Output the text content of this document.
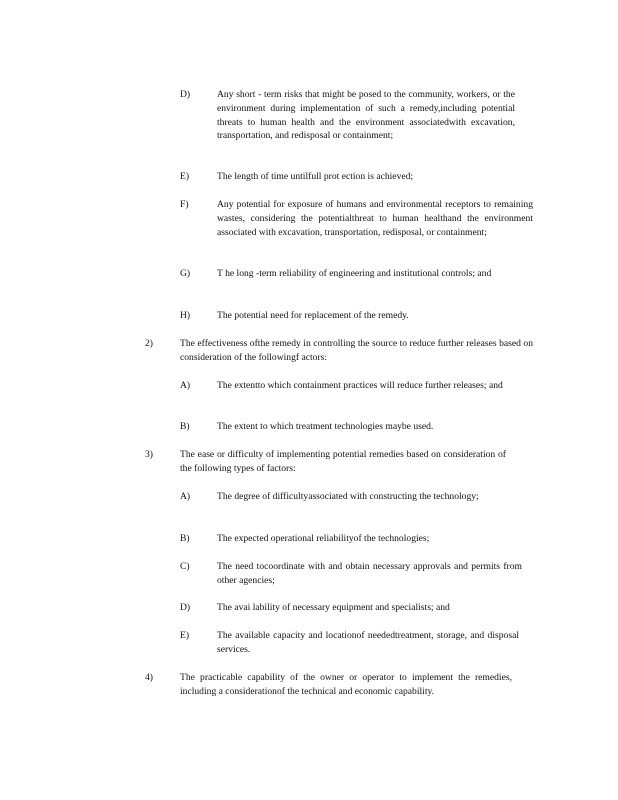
D)	Any short - term risks that might be posed to the community, workers, or the environment during implementation of such a remedy,including potential threats to human health and the environment associatedwith excavation, transportation, and redisposal or containment;
E)	The length of time untilfull prot ection is achieved;
F)	Any potential for exposure of humans and environmental receptors to remaining wastes, considering the potentialthreat to human healthand the environment associated with excavation, transportation, redisposal, or containment;
G)	T he long -term reliability of engineering and institutional controls; and
H)	The potential need for replacement of the remedy.
2)	The effectiveness ofthe remedy in controlling the source to reduce further releases based on consideration of the followingf actors:
A)	The extentto which containment practices will reduce further releases; and
B)	The extent to which treatment technologies maybe used.
3)	The ease or difficulty of implementing potential remedies based on consideration of the following types of factors:
A)	The degree of difficultyassociated with constructing the technology;
B)	The expected operational reliabilityof the technologies;
C)	The need tocoordinate with and obtain necessary approvals and permits from other agencies;
D)	The avai lability of necessary equipment and specialists; and
E)	The available capacity and locationof neededtreatment, storage, and disposal services.
4)	The practicable capability of the owner or operator to implement the remedies, including a considerationof the technical and economic capability.
